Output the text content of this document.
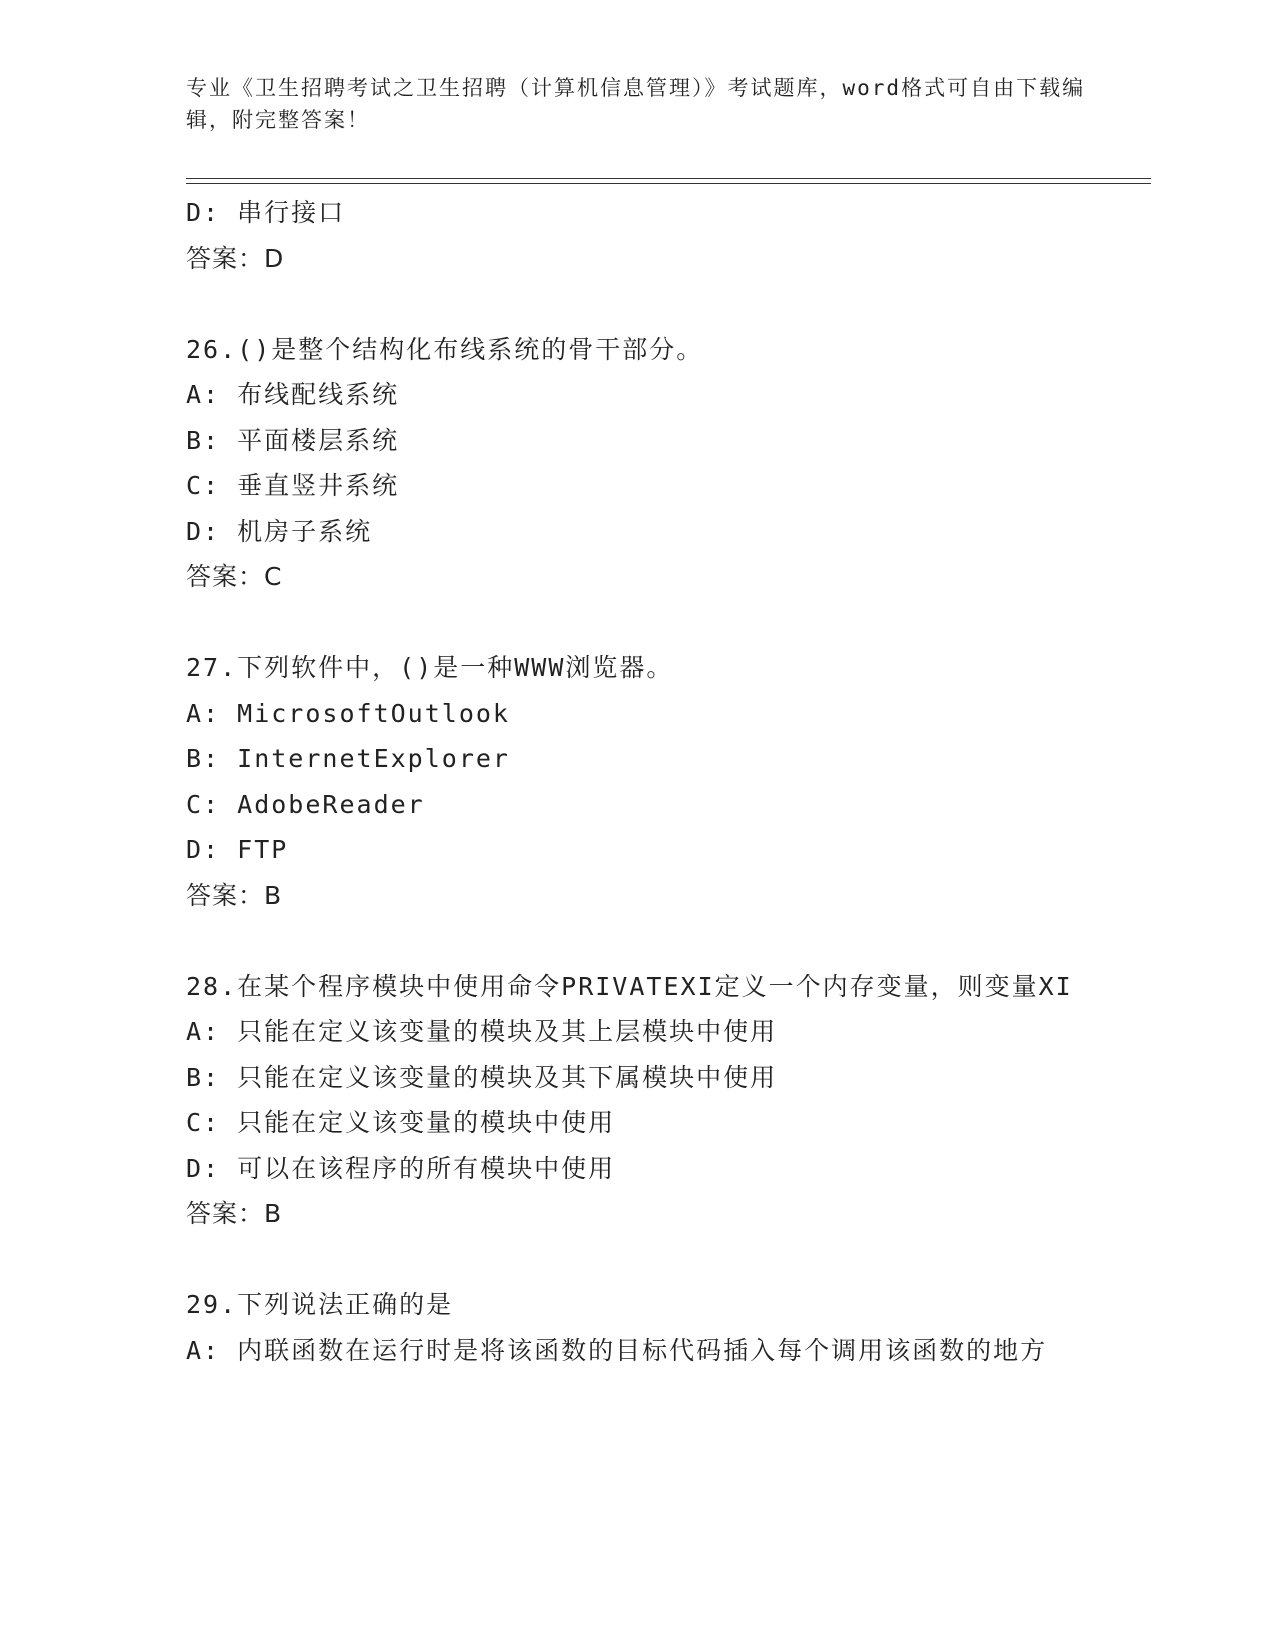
专业《卫生招聘考试之卫生招聘（计算机信息管理）》考试题库，word格式可自由下载编辑，附完整答案！
D: 串行接口
答案：D
26.()是整个结构化布线系统的骨干部分。
A: 布线配线系统
B: 平面楼层系统
C: 垂直竖井系统
D: 机房子系统
答案：C
27.下列软件中，()是一种WWW浏览器。
A: MicrosoftOutlook
B: InternetExplorer
C: AdobeReader
D: FTP
答案：B
28.在某个程序模块中使用命令PRIVATEXI定义一个内存变量，则变量XI
A: 只能在定义该变量的模块及其上层模块中使用
B: 只能在定义该变量的模块及其下属模块中使用
C: 只能在定义该变量的模块中使用
D: 可以在该程序的所有模块中使用
答案：B
29.下列说法正确的是
A: 内联函数在运行时是将该函数的目标代码插入每个调用该函数的地方
